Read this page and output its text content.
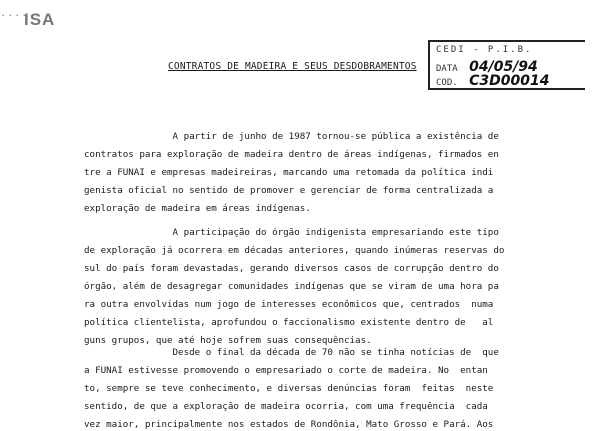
. . . .
ISA
CONTRATOS DE MADEIRA E SEUS DESDOBRAMENTOS
CEDI - P.I.B.
DATA 04/05/94
COD. C3D00014
A partir de junho de 1987 tornou-se pública a existência de
contratos para exploração de madeira dentro de áreas indígenas, firmados en
tre a FUNAI e empresas madeireiras, marcando uma retomada da política indi
genista oficial no sentido de promover e gerenciar de forma centralizada a
exploração de madeira em áreas indígenas.
A participação do órgão indigenista empresariando este tipo
de exploração já ocorrera em décadas anteriores, quando inúmeras reservas do
sul do país foram devastadas, gerando diversos casos de corrupção dentro do
órgão, além de desagregar comunidades indígenas que se viram de uma hora pa
ra outra envolvidas num jogo de interesses econômicos que, centrados  numa
política clientelista, aprofundou o faccionalismo existente dentro de   al
guns grupos, que até hoje sofrem suas consequências.
Desde o final da década de 70 não se tinha notícias de  que
a FUNAI estivesse promovendo o empresariado o corte de madeira. No  entan
to, sempre se teve conhecimento, e diversas denúncias foram  feitas  neste
sentido, de que a exploração de madeira ocorria, com uma frequência  cada
vez maior, principalmente nos estados de Rondônia, Mato Grosso e Pará. Aos
